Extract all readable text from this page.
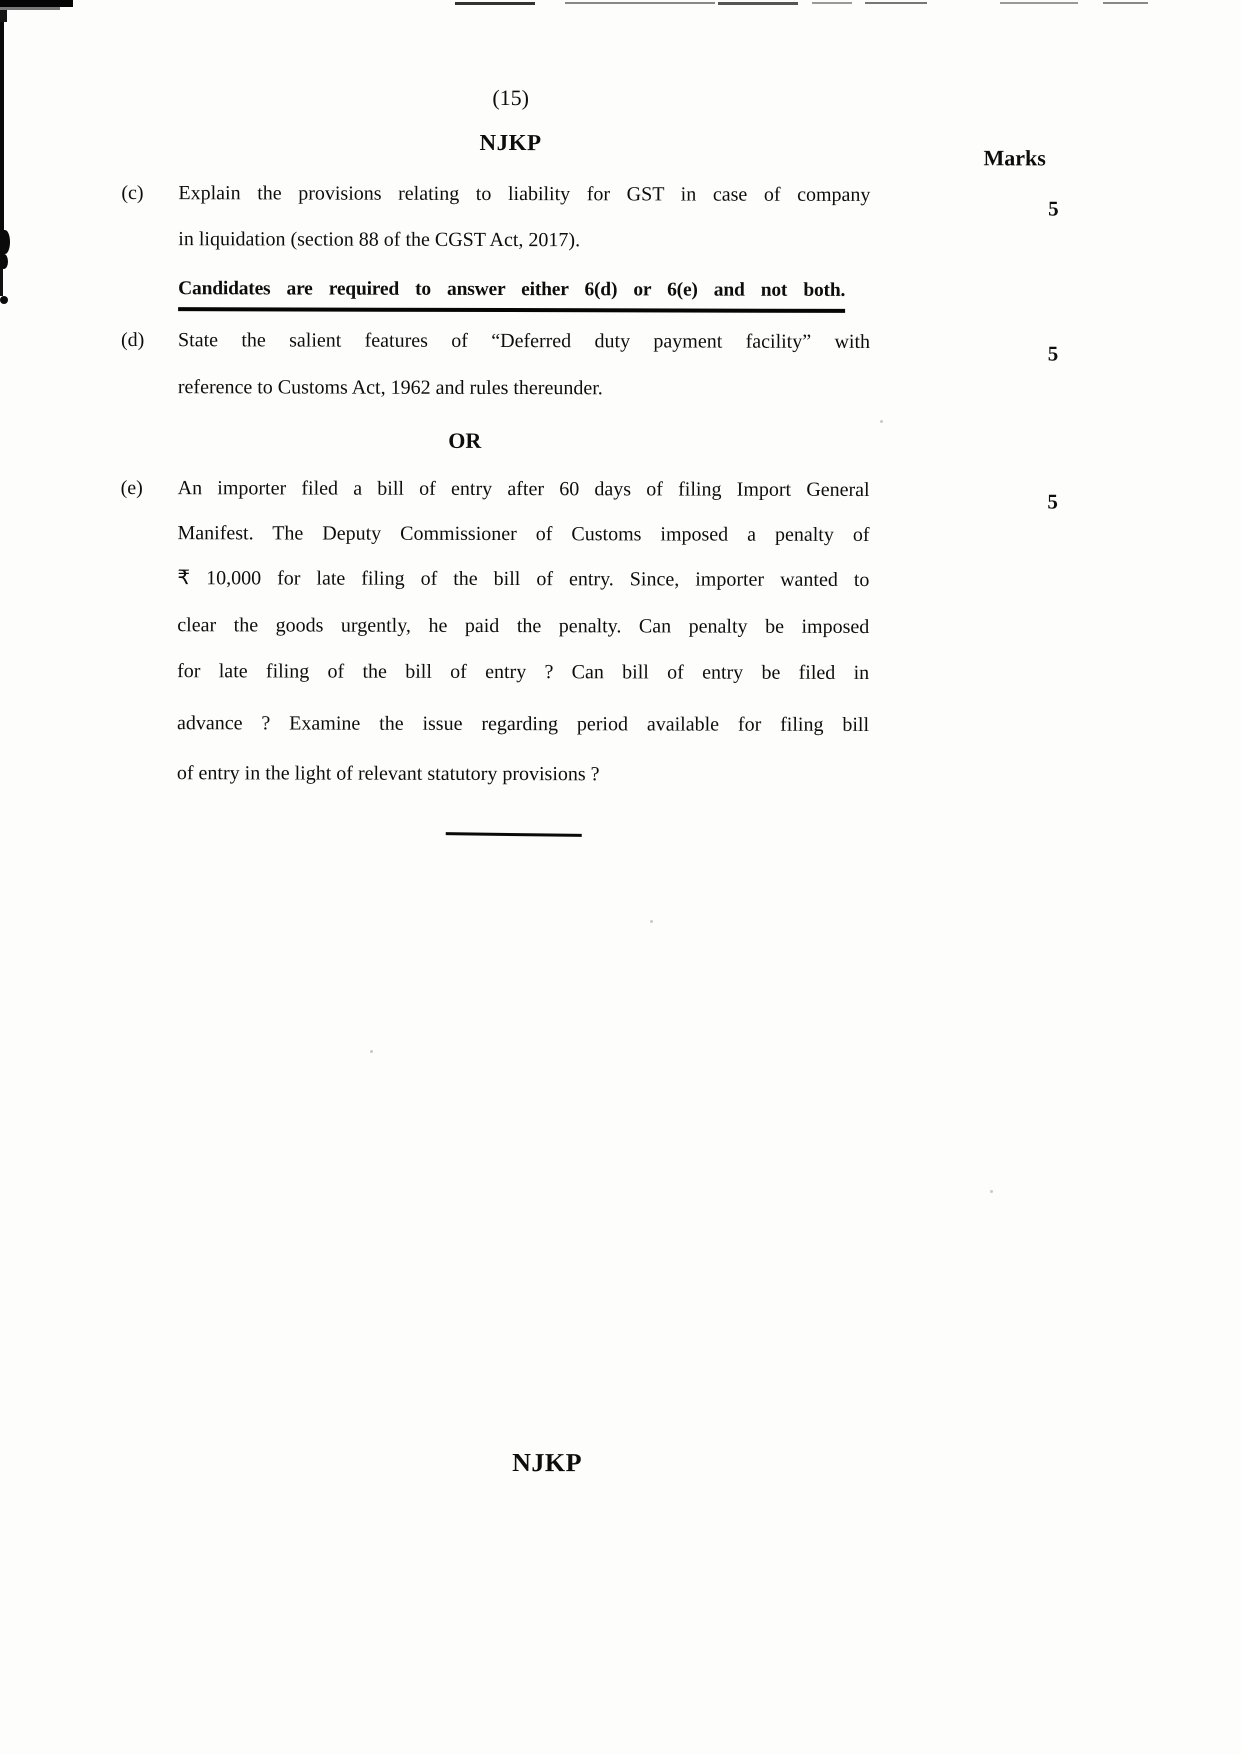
(15)
NJKP
Marks
(c)	Explain the provisions relating to liability for GST in case of company
in liquidation (section 88 of the CGST Act, 2017).
5
Candidates are required to answer either 6(d) or 6(e) and not both.
(d)	State the salient features of “Deferred duty payment facility” with
reference to Customs Act, 1962 and rules thereunder.
5
OR
(e)	An importer filed a bill of entry after 60 days of filing Import General
Manifest. The Deputy Commissioner of Customs imposed a penalty of
₹ 10,000 for late filing of the bill of entry. Since, importer wanted to
clear the goods urgently, he paid the penalty. Can penalty be imposed
for late filing of the bill of entry ? Can bill of entry be filed in
advance ? Examine the issue regarding period available for filing bill
of entry in the light of relevant statutory provisions ?
5
NJKP
